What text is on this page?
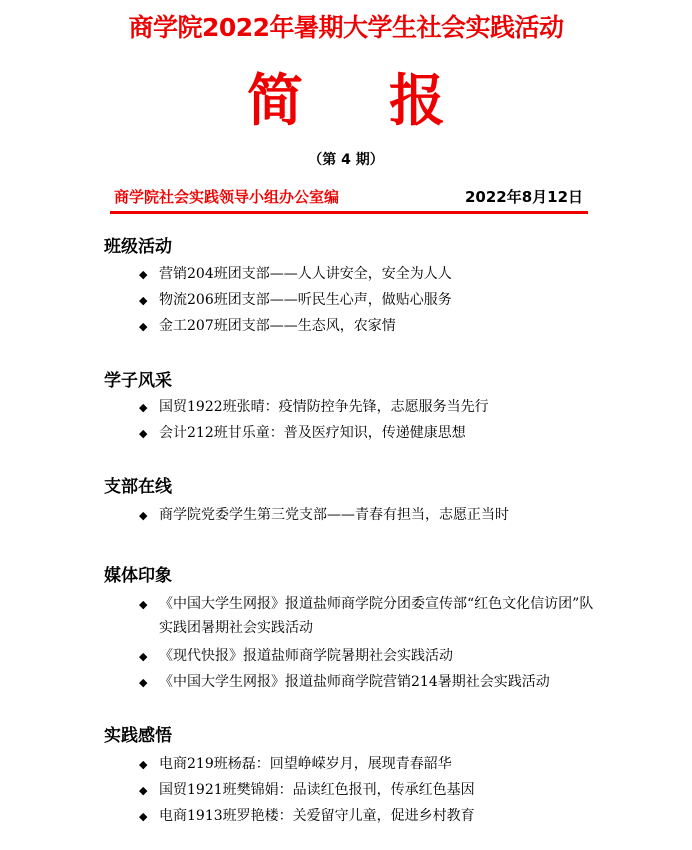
商学院2022年暑期大学生社会实践活动
简 报
（第 4 期）
商学院社会实践领导小组办公室编	2022年8月12日
班级活动
◆ 营销204班团支部——人人讲安全，安全为人人
◆ 物流206班团支部——听民生心声，做贴心服务
◆ 金工207班团支部——生态风，农家情
学子风采
◆ 国贸1922班张晴：疫情防控争先锋，志愿服务当先行
◆ 会计212班甘乐童：普及医疗知识，传递健康思想
支部在线
◆ 商学院党委学生第三党支部——青春有担当，志愿正当时
媒体印象
◆ 《中国大学生网报》报道盐师商学院分团委宣传部“红色文化信访团”队实践团暑期社会实践活动
◆ 《现代快报》报道盐师商学院暑期社会实践活动
◆ 《中国大学生网报》报道盐师商学院营销214暑期社会实践活动
实践感悟
◆ 电商219班杨磊：回望峥嵘岁月，展现青春韶华
◆ 国贸1921班樊锦娟：品读红色报刊，传承红色基因
◆ 电商1913班罗艳楼：关爱留守儿童，促进乡村教育
